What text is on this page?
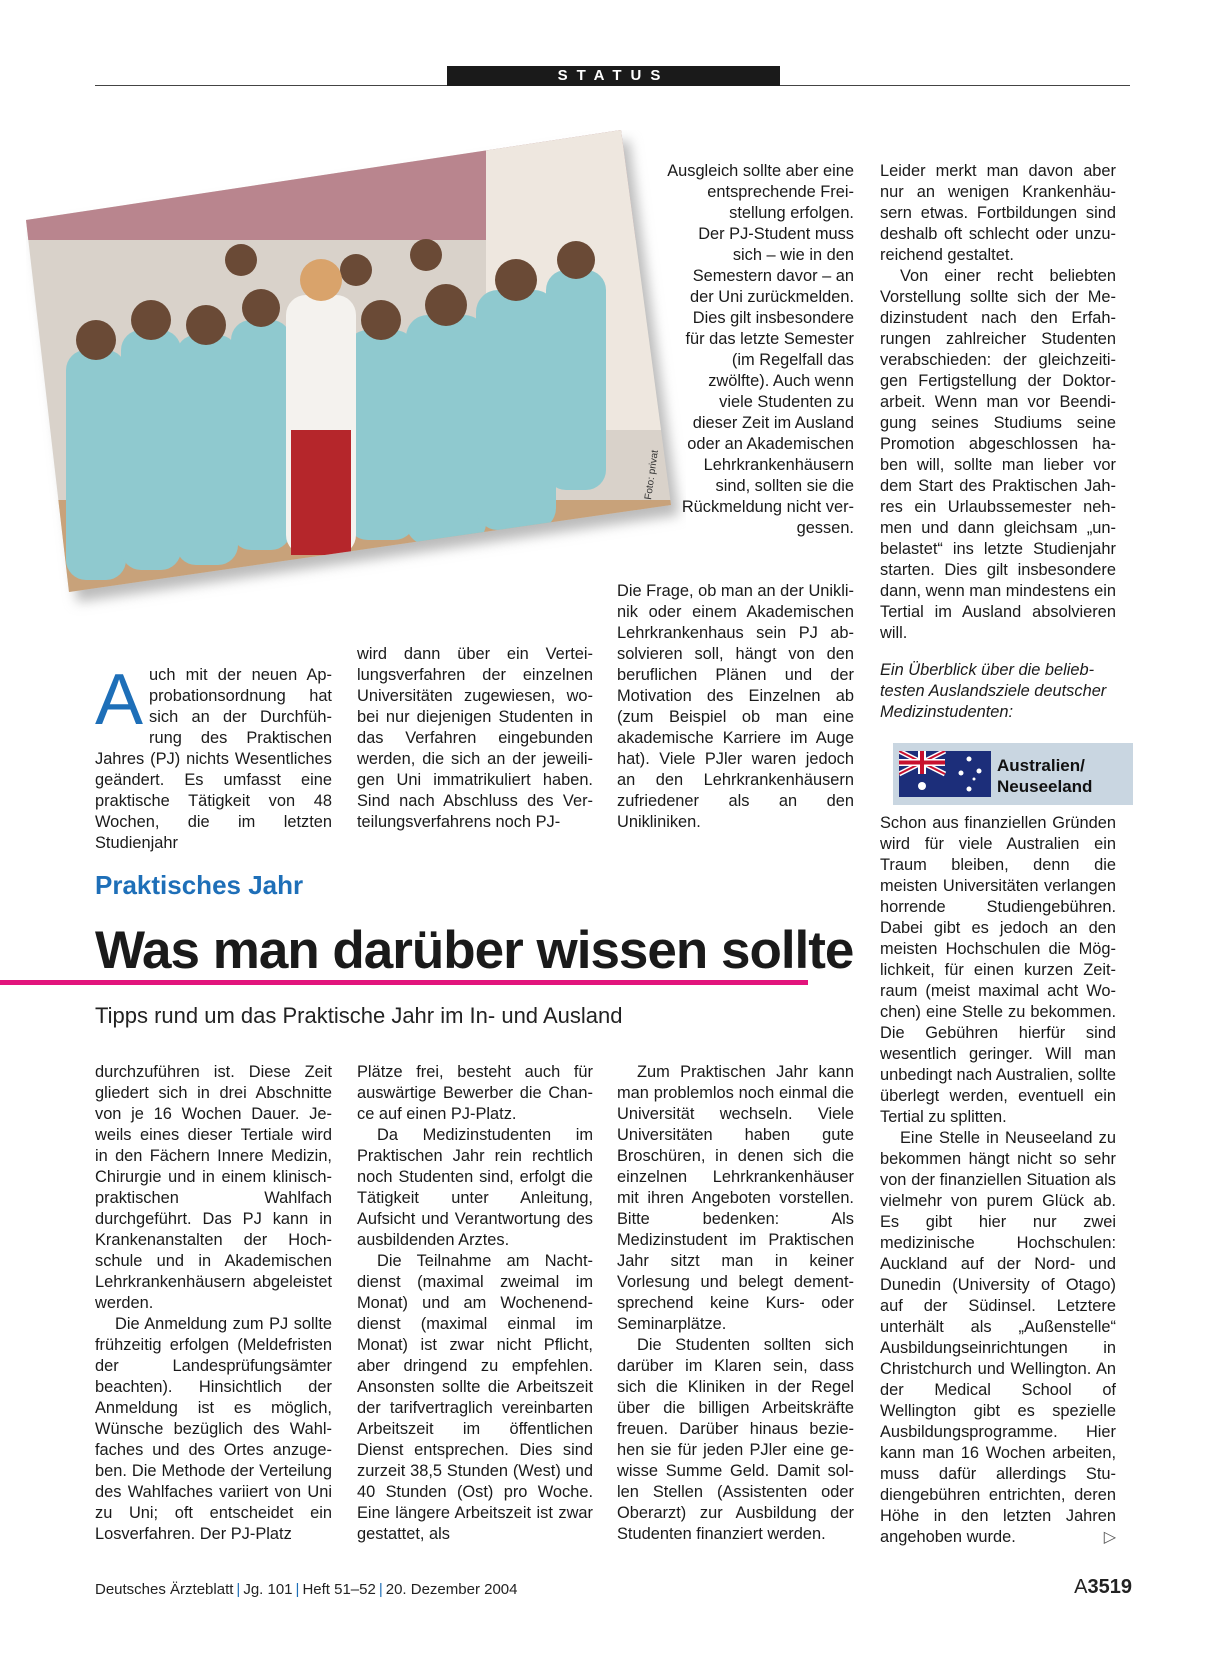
STATUS
Foto: privat

Auch mit der neuen Approbationsordnung hat sich an der Durchführung des Praktischen Jahres (PJ) nichts Wesentliches geändert. Es umfasst eine praktische Tätigkeit von 48 Wochen, die im letzten Studienjahr

wird dann über ein Verteilungsverfahren der einzelnen Universitäten zugewiesen, wobei nur diejenigen Studenten in das Verfahren eingebunden werden, die sich an der jeweiligen Uni immatrikuliert haben. Sind nach Abschluss des Verteilungsverfahrens noch PJ-

Ausgleich sollte aber eine entsprechende Freistellung erfolgen.

Der PJ-Student muss sich – wie in den Semestern davor – an der Uni zurückmelden. Dies gilt insbesondere für das letzte Semester (im Regelfall das zwölfte). Auch wenn viele Studenten zu dieser Zeit im Ausland oder an Akademischen Lehrkrankenhäusern sind, sollten sie die Rückmeldung nicht vergessen.

Die Frage, ob man an der Uniklinik oder einem Akademischen Lehrkrankenhaus sein PJ absolvieren soll, hängt von den beruflichen Plänen und der Motivation des Einzelnen ab (zum Beispiel ob man eine akademische Karriere im Auge hat). Viele PJler waren jedoch an den Lehrkrankenhäusern zufriedener als an den Unikliniken.

Leider merkt man davon aber nur an wenigen Krankenhäusern etwas. Fortbildungen sind deshalb oft schlecht oder unzureichend gestaltet.

Von einer recht beliebten Vorstellung sollte sich der Medizinstudent nach den Erfahrungen zahlreicher Studenten verabschieden: der gleichzeitigen Fertigstellung der Doktorarbeit. Wenn man vor Beendigung seines Studiums seine Promotion abgeschlossen haben will, sollte man lieber vor dem Start des Praktischen Jahres ein Urlaubssemester nehmen und dann gleichsam „unbelastet“ ins letzte Studienjahr starten. Dies gilt insbesondere dann, wenn man mindestens ein Tertial im Ausland absolvieren will.

Ein Überblick über die beliebtesten Auslandsziele deutscher Medizinstudenten:
Australien/
Neuseeland

Schon aus finanziellen Gründen wird für viele Australien ein Traum bleiben, denn die meisten Universitäten verlangen horrende Studiengebühren. Dabei gibt es jedoch an den meisten Hochschulen die Möglichkeit, für einen kurzen Zeitraum (meist maximal acht Wochen) eine Stelle zu bekommen. Die Gebühren hierfür sind wesentlich geringer. Will man unbedingt nach Australien, sollte überlegt werden, eventuell ein Tertial zu splitten.

Eine Stelle in Neuseeland zu bekommen hängt nicht so sehr von der finanziellen Situation als vielmehr von purem Glück ab. Es gibt hier nur zwei medizinische Hochschulen: Auckland auf der Nord- und Dunedin (University of Otago) auf der Südinsel. Letztere unterhält als „Außenstelle“ Ausbildungseinrichtungen in Christchurch und Wellington. An der Medical School of Wellington gibt es spezielle Ausbildungsprogramme. Hier kann man 16 Wochen arbeiten, muss dafür allerdings Studiengebühren entrichten, deren Höhe in den letzten Jahren angehoben wurde.	▷

Praktisches Jahr
Was man darüber wissen sollte
Tipps rund um das Praktische Jahr im In- und Ausland

durchzuführen ist. Diese Zeit gliedert sich in drei Abschnitte von je 16 Wochen Dauer. Jeweils eines dieser Tertiale wird in den Fächern Innere Medizin, Chirurgie und in einem klinisch-praktischen Wahlfach durchgeführt. Das PJ kann in Krankenanstalten der Hochschule und in Akademischen Lehrkrankenhäusern abgeleistet werden.

Die Anmeldung zum PJ sollte frühzeitig erfolgen (Meldefristen der Landesprüfungsämter beachten). Hinsichtlich der Anmeldung ist es möglich, Wünsche bezüglich des Wahlfaches und des Ortes anzugeben. Die Methode der Verteilung des Wahlfaches variiert von Uni zu Uni; oft entscheidet ein Losverfahren. Der PJ-Platz

Plätze frei, besteht auch für auswärtige Bewerber die Chance auf einen PJ-Platz.

Da Medizinstudenten im Praktischen Jahr rein rechtlich noch Studenten sind, erfolgt die Tätigkeit unter Anleitung, Aufsicht und Verantwortung des ausbildenden Arztes.

Die Teilnahme am Nachtdienst (maximal zweimal im Monat) und am Wochenenddienst (maximal einmal im Monat) ist zwar nicht Pflicht, aber dringend zu empfehlen. Ansonsten sollte die Arbeitszeit der tarifvertraglich vereinbarten Arbeitszeit im öffentlichen Dienst entsprechen. Dies sind zurzeit 38,5 Stunden (West) und 40 Stunden (Ost) pro Woche. Eine längere Arbeitszeit ist zwar gestattet, als

Zum Praktischen Jahr kann man problemlos noch einmal die Universität wechseln. Viele Universitäten haben gute Broschüren, in denen sich die einzelnen Lehrkrankenhäuser mit ihren Angeboten vorstellen. Bitte bedenken: Als Medizinstudent im Praktischen Jahr sitzt man in keiner Vorlesung und belegt dementsprechend keine Kurs- oder Seminarplätze.

Die Studenten sollten sich darüber im Klaren sein, dass sich die Kliniken in der Regel über die billigen Arbeitskräfte freuen. Darüber hinaus beziehen sie für jeden PJler eine gewisse Summe Geld. Damit sollen Stellen (Assistenten oder Oberarzt) zur Ausbildung der Studenten finanziert werden.

Deutsches Ärzteblatt | Jg. 101 | Heft 51–52 | 20. Dezember 2004	A3519
